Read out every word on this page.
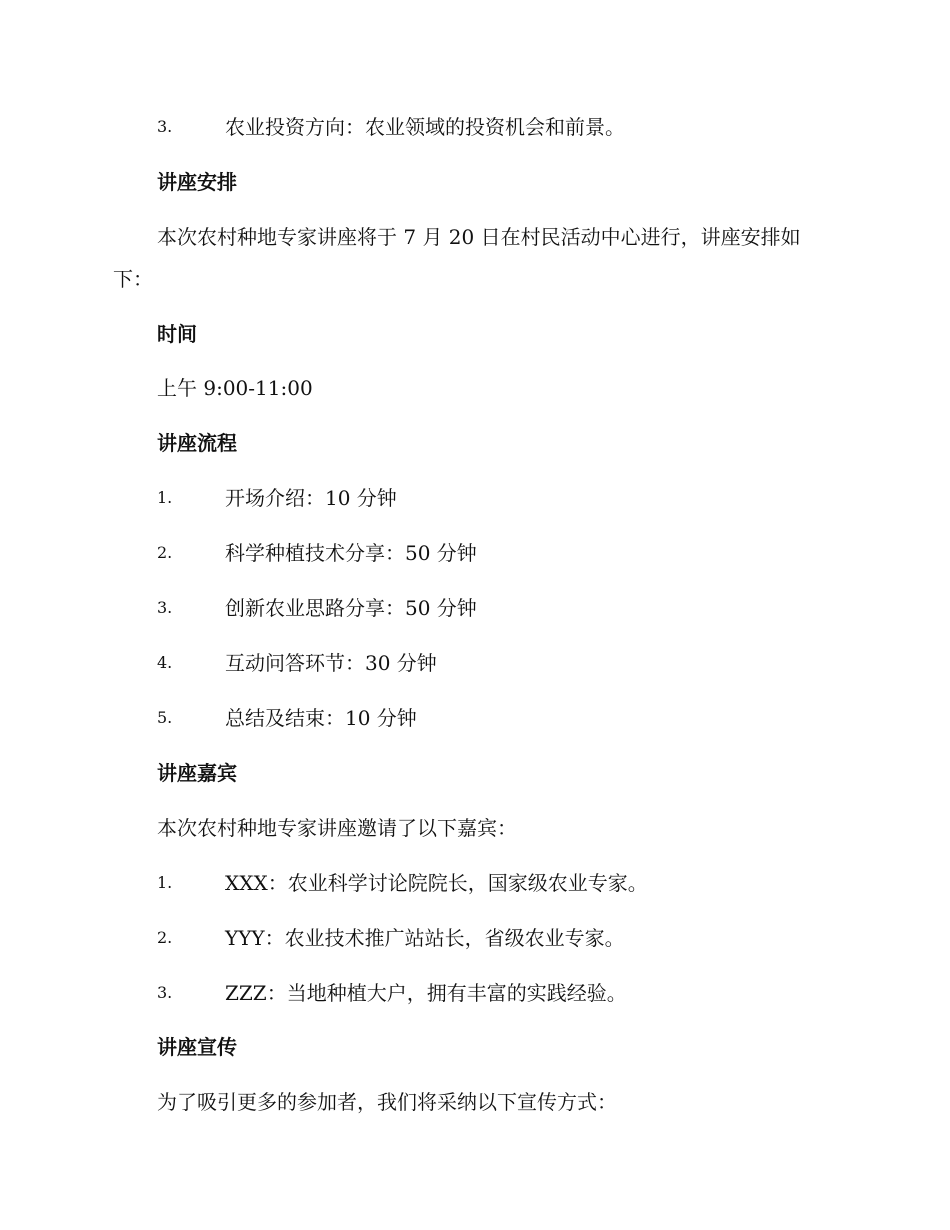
3.	农业投资方向：农业领域的投资机会和前景。
讲座安排
本次农村种地专家讲座将于 7 月 20 日在村民活动中心进行，讲座安排如
下：
时间
上午 9:00-11:00
讲座流程
1.	开场介绍：10 分钟
2.	科学种植技术分享：50 分钟
3.	创新农业思路分享：50 分钟
4.	互动问答环节：30 分钟
5.	总结及结束：10 分钟
讲座嘉宾
本次农村种地专家讲座邀请了以下嘉宾：
1.	XXX：农业科学讨论院院长，国家级农业专家。
2.	YYY：农业技术推广站站长，省级农业专家。
3.	ZZZ：当地种植大户，拥有丰富的实践经验。
讲座宣传
为了吸引更多的参加者，我们将采纳以下宣传方式：
